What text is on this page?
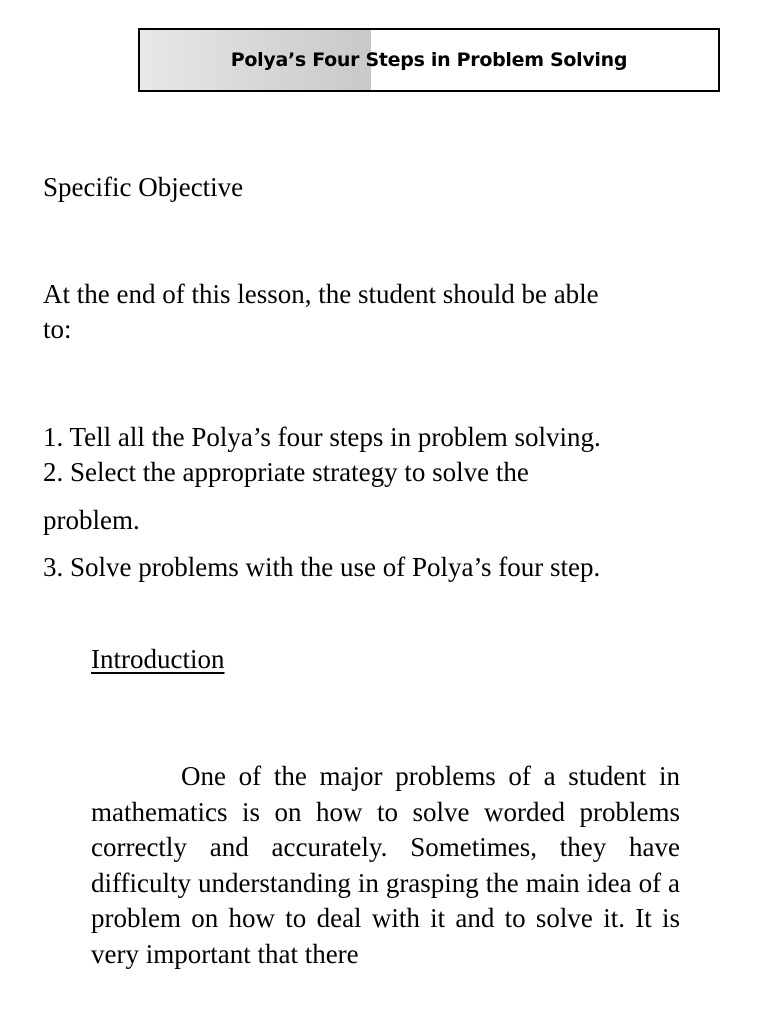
Polya’s Four Steps in Problem Solving
Specific Objective
At the end of this lesson, the student should be able
to:
1. Tell all the Polya’s four steps in problem solving.
2. Select the appropriate strategy to solve the
problem.
3. Solve problems with the use of Polya’s four step.
Introduction

One of the major problems of a student in mathematics is on how to solve worded problems correctly and accurately. Sometimes, they have difficulty understanding in grasping the main idea of a problem on how to deal with it and to solve it. It is very important that there
